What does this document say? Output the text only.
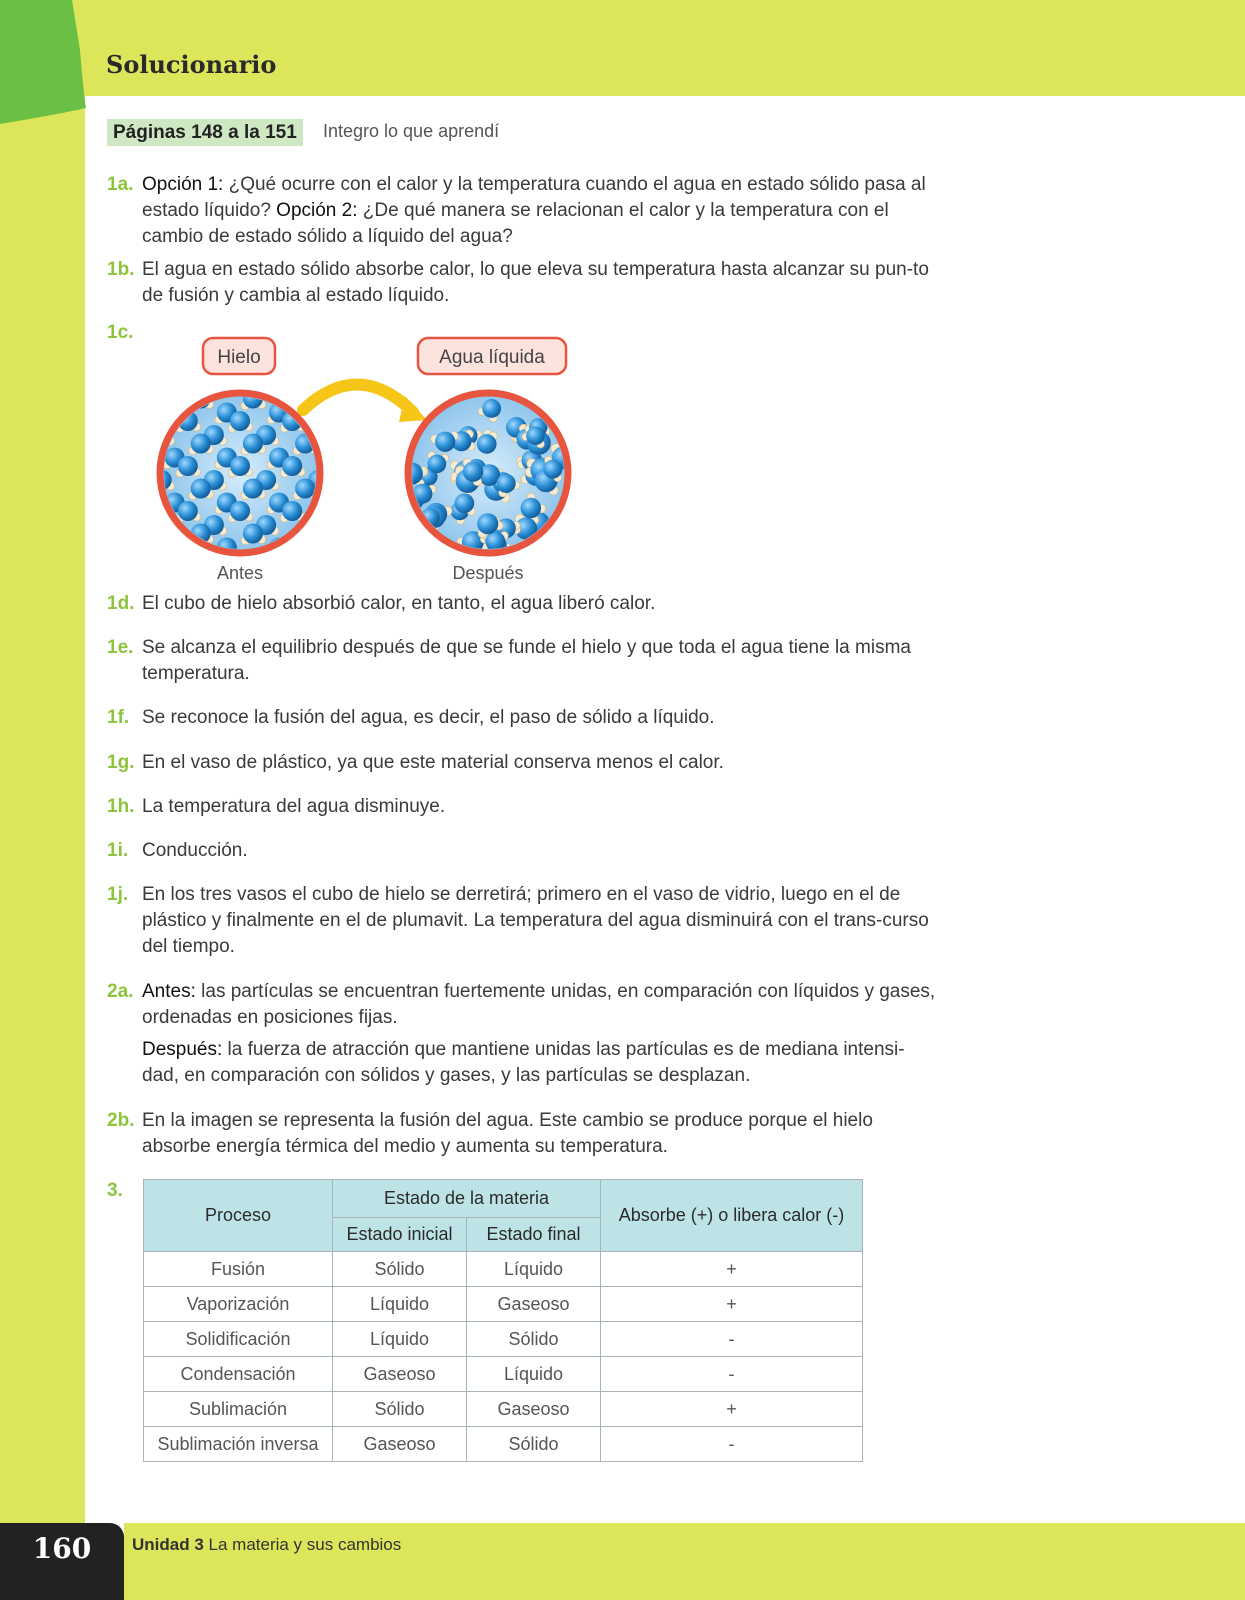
Solucionario
Páginas 148 a la 151	Integro lo que aprendí
1a. Opción 1: ¿Qué ocurre con el calor y la temperatura cuando el agua en estado sólido pasa al estado líquido? Opción 2: ¿De qué manera se relacionan el calor y la temperatura con el cambio de estado sólido a líquido del agua?
1b. El agua en estado sólido absorbe calor, lo que eleva su temperatura hasta alcanzar su pun-to de fusión y cambia al estado líquido.
1c.
Hielo	Agua líquida
Antes	Después
1d. El cubo de hielo absorbió calor, en tanto, el agua liberó calor.
1e. Se alcanza el equilibrio después de que se funde el hielo y que toda el agua tiene la misma temperatura.
1f. Se reconoce la fusión del agua, es decir, el paso de sólido a líquido.
1g. En el vaso de plástico, ya que este material conserva menos el calor.
1h. La temperatura del agua disminuye.
1i. Conducción.
1j. En los tres vasos el cubo de hielo se derretirá; primero en el vaso de vidrio, luego en el de plástico y finalmente en el de plumavit. La temperatura del agua disminuirá con el trans-curso del tiempo.
2a. Antes: las partículas se encuentran fuertemente unidas, en comparación con líquidos y gases, ordenadas en posiciones fijas.
Después: la fuerza de atracción que mantiene unidas las partículas es de mediana intensi-dad, en comparación con sólidos y gases, y las partículas se desplazan.
2b. En la imagen se representa la fusión del agua. Este cambio se produce porque el hielo absorbe energía térmica del medio y aumenta su temperatura.
3.
Proceso	Estado de la materia		Absorbe (+) o libera calor (-)
	Estado inicial	Estado final	
Fusión	Sólido	Líquido	+
Vaporización	Líquido	Gaseoso	+
Solidificación	Líquido	Sólido	-
Condensación	Gaseoso	Líquido	-
Sublimación	Sólido	Gaseoso	+
Sublimación inversa	Gaseoso	Sólido	-
160	Unidad 3 La materia y sus cambios
